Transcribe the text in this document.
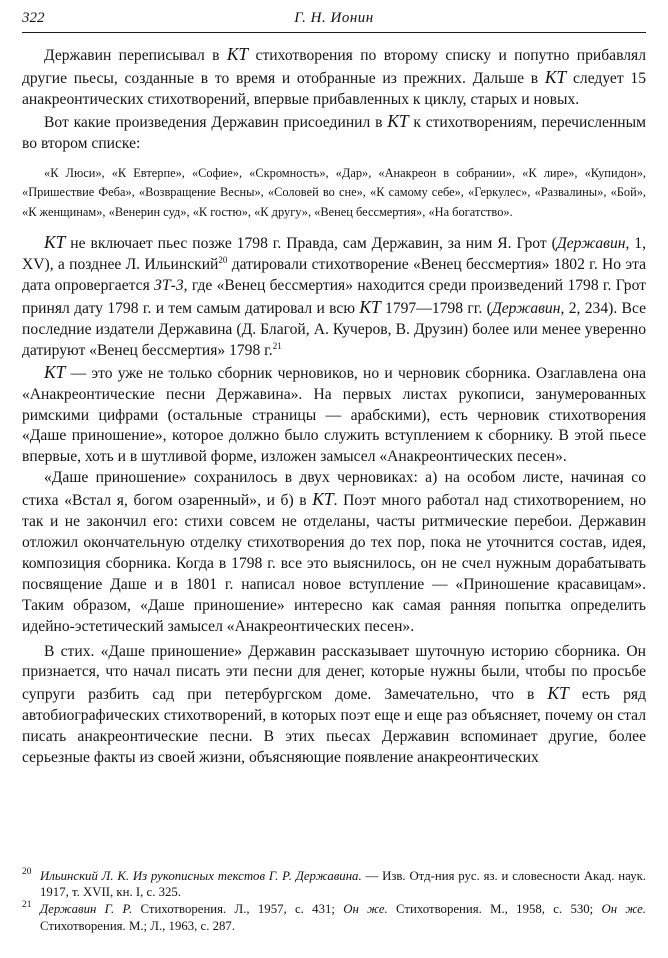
322	Г. Н. Ионин

Державин переписывал в КТ стихотворения по второму списку и попутно прибавлял другие пьесы, созданные в то время и отобранные из прежних. Дальше в КТ следует 15 анакреонтических стихотворений, впервые прибавленных к циклу, старых и новых.

Вот какие произведения Державин присоединил в КТ к стихотворениям, перечисленным во втором списке:

«К Люси», «К Евтерпе», «Софие», «Скромность», «Дар», «Анакреон в собрании», «К лире», «Купидон», «Пришествие Феба», «Возвращение Весны», «Соловей во сне», «К самому себе», «Геркулес», «Развалины», «Бой», «К женщинам», «Венерин суд», «К гостю», «К другу», «Венец бессмертия», «На богатство».

КТ не включает пьес позже 1798 г. Правда, сам Державин, за ним Я. Грот (Державин, 1, XV), а позднее Л. Ильинский$^{20}$ датировали стихотворение «Венец бессмертия» 1802 г. Но эта дата опровергается ЗТ-3, где «Венец бессмертия» находится среди произведений 1798 г. Грот принял дату 1798 г. и тем самым датировал и всю КТ 1797—1798 гг. (Державин, 2, 234). Все последние издатели Державина (Д. Благой, А. Кучеров, В. Друзин) более или менее уверенно датируют «Венец бессмертия» 1798 г.$^{21}$

КТ — это уже не только сборник черновиков, но и черновик сборника. Озаглавлена она «Анакреонтические песни Державина». На первых листах рукописи, занумерованных римскими цифрами (остальные страницы — арабскими), есть черновик стихотворения «Даше приношение», которое должно было служить вступлением к сборнику. В этой пьесе впервые, хоть и в шутливой форме, изложен замысел «Анакреонтических песен».

«Даше приношение» сохранилось в двух черновиках: а) на особом листе, начиная со стиха «Встал я, богом озаренный», и б) в КТ. Поэт много работал над стихотворением, но так и не закончил его: стихи совсем не отделаны, часты ритмические перебои. Державин отложил окончательную отделку стихотворения до тех пор, пока не уточнится состав, идея, композиция сборника. Когда в 1798 г. все это выяснилось, он не счел нужным дорабатывать посвящение Даше и в 1801 г. написал новое вступление — «Приношение красавицам». Таким образом, «Даше приношение» интересно как самая ранняя попытка определить идейно-эстетический замысел «Анакреонтических песен».

В стих. «Даше приношение» Державин рассказывает шуточную историю сборника. Он признается, что начал писать эти песни для денег, которые нужны были, чтобы по просьбе супруги разбить сад при петербургском доме. Замечательно, что в КТ есть ряд автобиографических стихотворений, в которых поэт еще и еще раз объясняет, почему он стал писать анакреонтические песни. В этих пьесах Державин вспоминает другие, более серьезные факты из своей жизни, объясняющие появление анакреонтических

20 Ильинский Л. К. Из рукописных текстов Г. Р. Державина. — Изв. Отд-ния рус. яз. и словесности Акад. наук. 1917, т. XVII, кн. I, с. 325.
21 Державин Г. Р. Стихотворения. Л., 1957, с. 431; Он же. Стихотворения. М., 1958, с. 530; Он же. Стихотворения. М.; Л., 1963, с. 287.
